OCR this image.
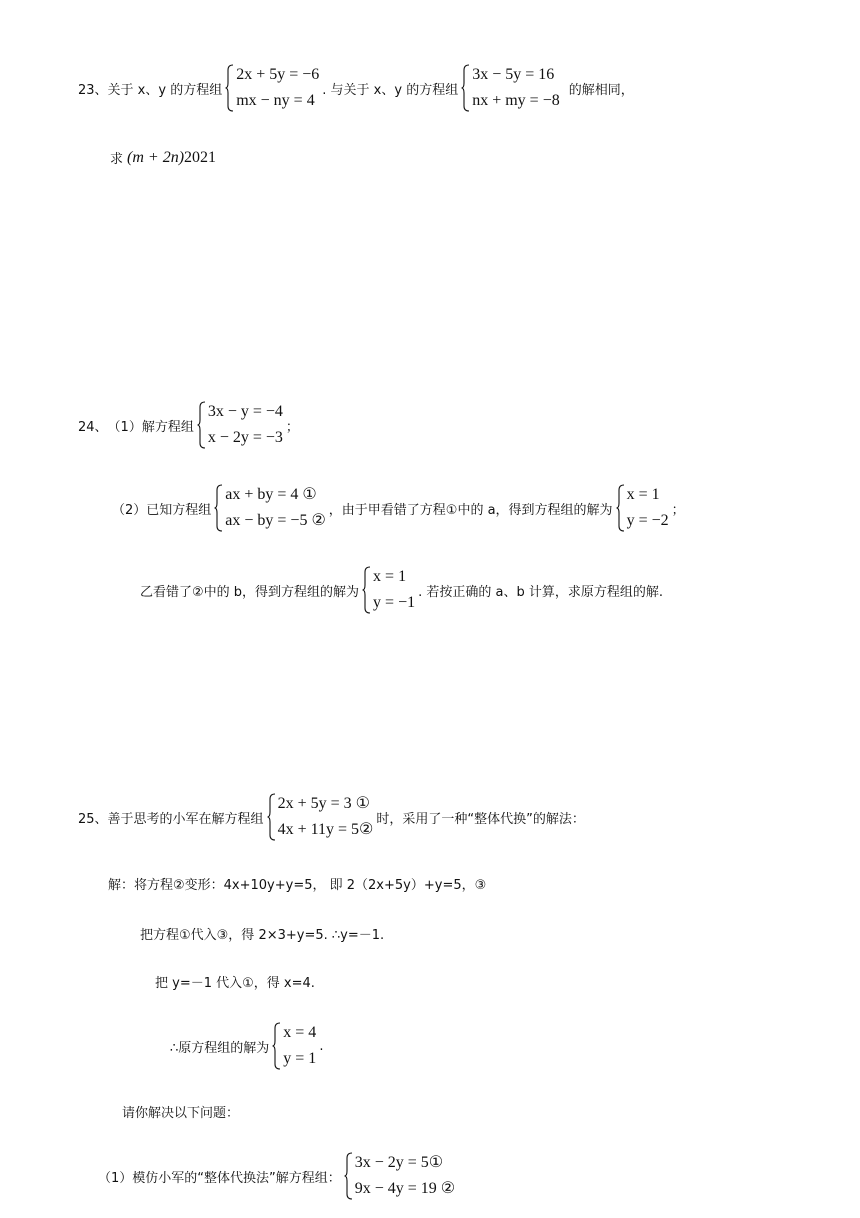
23、 关于 x、y 的方程组
2x + 5y = −6
mx − ny = 4
. 与关于 x、y 的方程组
3x − 5y = 16
nx + my = −8
的解相同，
求 (m + 2n) 2021
24、 （1）解方程组
3x − y = −4
x − 2y = −3
；
（2）已知方程组
ax + by = 4 ①
ax − by = −5 ②
，由于甲看错了方程①中的 a，得到方程组的解为
x = 1
y = −2
；
乙看错了②中的 b，得到方程组的解为
x = 1
y = −1
. 若按正确的 a、b 计算，求原方程组的解.
25、 善于思考的小军在解方程组
2x + 5y = 3 ①
4x + 11y = 5②
时，采用了一种“整体代换”的解法：
解：将方程②变形：4x+10y+y=5， 即 2（2x+5y）+y=5，③
把方程①代入③，得 2×3+y=5. ∴y=－1.
把 y=－1 代入①，得 x=4.
∴原方程组的解为
x = 4
y = 1
.
请你解决以下问题：
（1）模仿小军的“整体代换法”解方程组：
3x − 2y = 5①
9x − 4y = 19 ②
